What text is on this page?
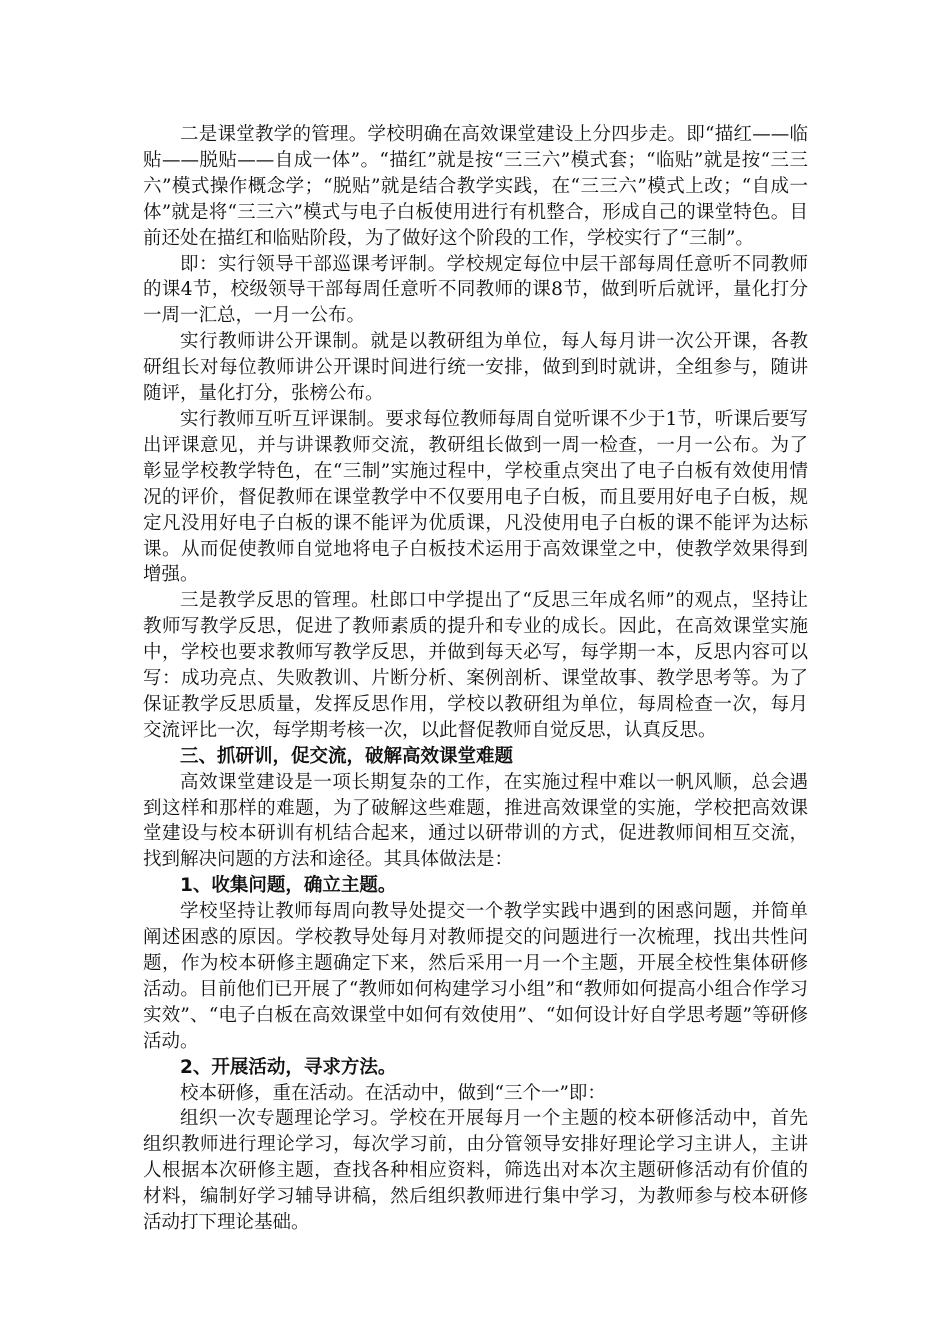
二是课堂教学的管理。学校明确在高效课堂建设上分四步走。即“描红——临贴——脱贴——自成一体”。“描红”就是按“三三六”模式套；“临贴”就是按“三三六”模式操作概念学；“脱贴”就是结合教学实践，在“三三六”模式上改；“自成一体”就是将“三三六”模式与电子白板使用进行有机整合，形成自己的课堂特色。目前还处在描红和临贴阶段，为了做好这个阶段的工作，学校实行了“三制”。

即：实行领导干部巡课考评制。学校规定每位中层干部每周任意听不同教师的课4节，校级领导干部每周任意听不同教师的课8节，做到听后就评，量化打分一周一汇总，一月一公布。

实行教师讲公开课制。就是以教研组为单位，每人每月讲一次公开课，各教研组长对每位教师讲公开课时间进行统一安排，做到到时就讲，全组参与，随讲随评，量化打分，张榜公布。

实行教师互听互评课制。要求每位教师每周自觉听课不少于1节，听课后要写出评课意见，并与讲课教师交流，教研组长做到一周一检查，一月一公布。为了彰显学校教学特色，在“三制”实施过程中，学校重点突出了电子白板有效使用情况的评价，督促教师在课堂教学中不仅要用电子白板，而且要用好电子白板，规定凡没用好电子白板的课不能评为优质课，凡没使用电子白板的课不能评为达标课。从而促使教师自觉地将电子白板技术运用于高效课堂之中，使教学效果得到增强。

三是教学反思的管理。杜郎口中学提出了“反思三年成名师”的观点，坚持让教师写教学反思，促进了教师素质的提升和专业的成长。因此，在高效课堂实施中，学校也要求教师写教学反思，并做到每天必写，每学期一本，反思内容可以写：成功亮点、失败教训、片断分析、案例剖析、课堂故事、教学思考等。为了保证教学反思质量，发挥反思作用，学校以教研组为单位，每周检查一次，每月交流评比一次，每学期考核一次，以此督促教师自觉反思，认真反思。

三、抓研训，促交流，破解高效课堂难题

高效课堂建设是一项长期复杂的工作，在实施过程中难以一帆风顺，总会遇到这样和那样的难题，为了破解这些难题，推进高效课堂的实施，学校把高效课堂建设与校本研训有机结合起来，通过以研带训的方式，促进教师间相互交流，找到解决问题的方法和途径。其具体做法是：

1、收集问题，确立主题。

学校坚持让教师每周向教导处提交一个教学实践中遇到的困惑问题，并简单阐述困惑的原因。学校教导处每月对教师提交的问题进行一次梳理，找出共性问题，作为校本研修主题确定下来，然后采用一月一个主题，开展全校性集体研修活动。目前他们已开展了“教师如何构建学习小组”和“教师如何提高小组合作学习实效”、“电子白板在高效课堂中如何有效使用”、“如何设计好自学思考题”等研修活动。

2、开展活动，寻求方法。

校本研修，重在活动。在活动中，做到“三个一”即：

组织一次专题理论学习。学校在开展每月一个主题的校本研修活动中，首先组织教师进行理论学习，每次学习前，由分管领导安排好理论学习主讲人，主讲人根据本次研修主题，查找各种相应资料，筛选出对本次主题研修活动有价值的材料，编制好学习辅导讲稿，然后组织教师进行集中学习，为教师参与校本研修活动打下理论基础。
